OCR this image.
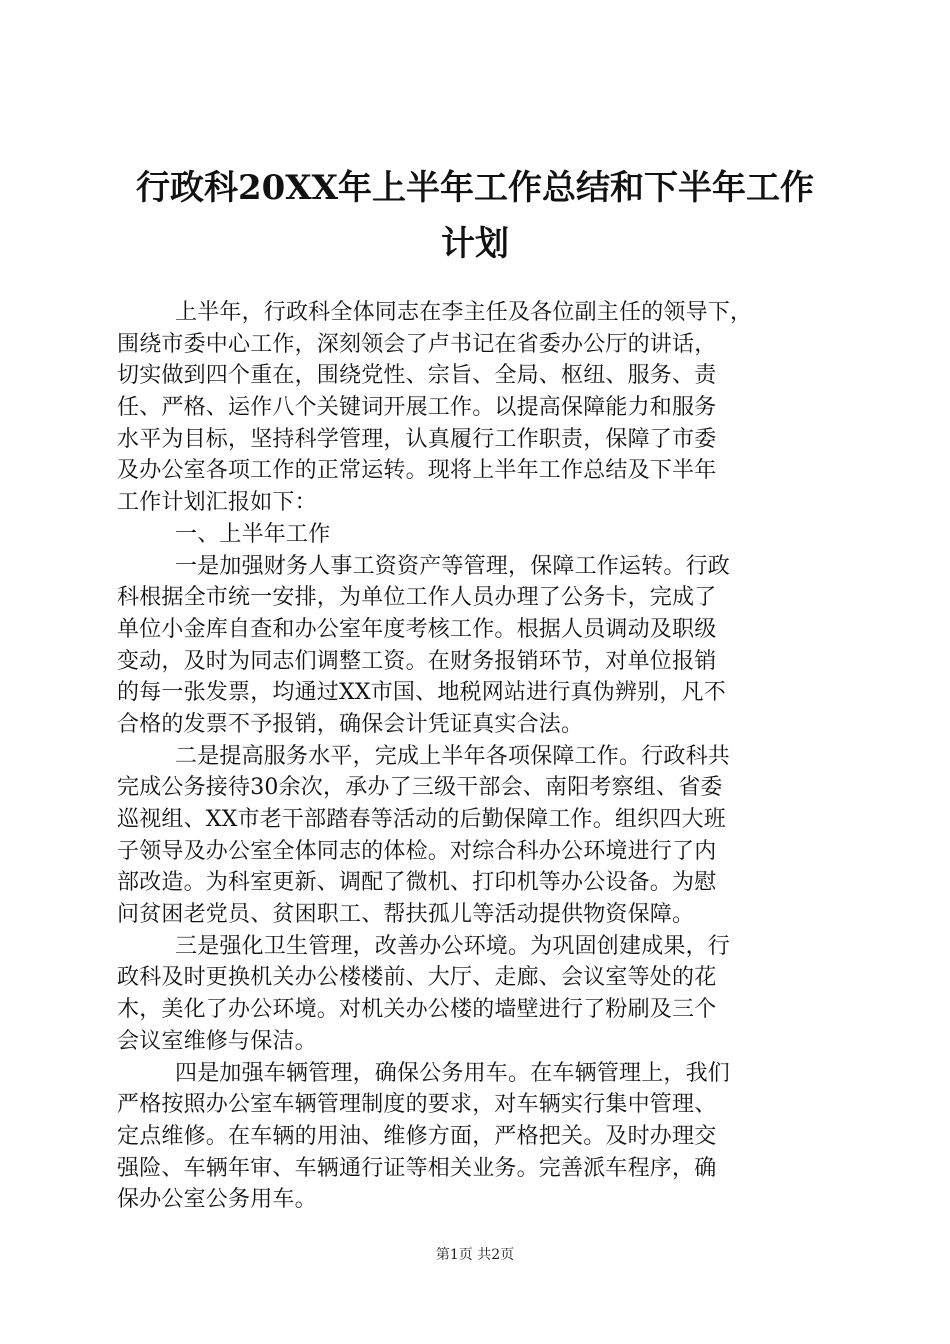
行政科20XX年上半年工作总结和下半年工作
计划
上半年，行政科全体同志在李主任及各位副主任的领导下，
围绕市委中心工作，深刻领会了卢书记在省委办公厅的讲话，
切实做到四个重在，围绕党性、宗旨、全局、枢纽、服务、责
任、严格、运作八个关键词开展工作。以提高保障能力和服务
水平为目标，坚持科学管理，认真履行工作职责，保障了市委
及办公室各项工作的正常运转。现将上半年工作总结及下半年
工作计划汇报如下：
一、上半年工作
一是加强财务人事工资资产等管理，保障工作运转。行政
科根据全市统一安排，为单位工作人员办理了公务卡，完成了
单位小金库自查和办公室年度考核工作。根据人员调动及职级
变动，及时为同志们调整工资。在财务报销环节，对单位报销
的每一张发票，均通过XX市国、地税网站进行真伪辨别，凡不
合格的发票不予报销，确保会计凭证真实合法。
二是提高服务水平，完成上半年各项保障工作。行政科共
完成公务接待30余次，承办了三级干部会、南阳考察组、省委
巡视组、XX市老干部踏春等活动的后勤保障工作。组织四大班
子领导及办公室全体同志的体检。对综合科办公环境进行了内
部改造。为科室更新、调配了微机、打印机等办公设备。为慰
问贫困老党员、贫困职工、帮扶孤儿等活动提供物资保障。
三是强化卫生管理，改善办公环境。为巩固创建成果，行
政科及时更换机关办公楼楼前、大厅、走廊、会议室等处的花
木，美化了办公环境。对机关办公楼的墙壁进行了粉刷及三个
会议室维修与保洁。
四是加强车辆管理，确保公务用车。在车辆管理上，我们
严格按照办公室车辆管理制度的要求，对车辆实行集中管理、
定点维修。在车辆的用油、维修方面，严格把关。及时办理交
强险、车辆年审、车辆通行证等相关业务。完善派车程序，确
保办公室公务用车。
第1页 共2页
